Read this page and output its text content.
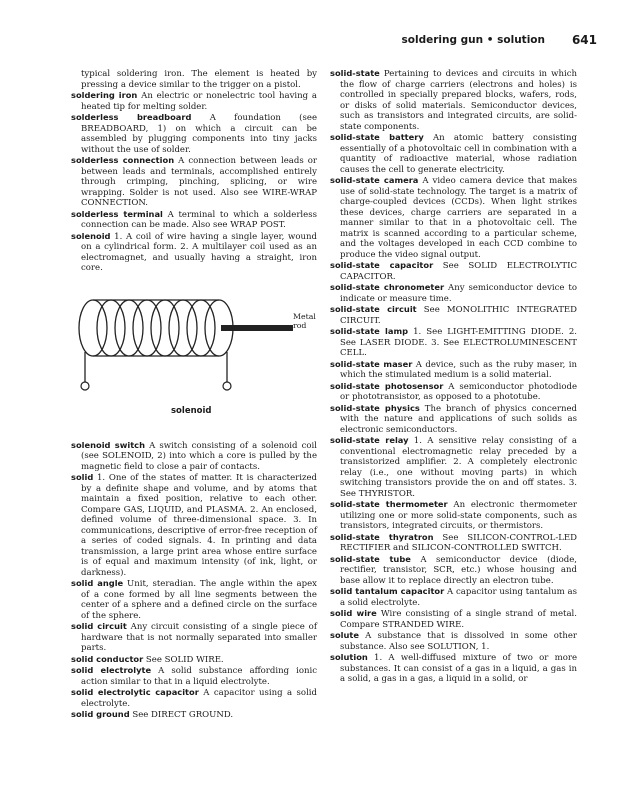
soldering gun • solution 641

typical soldering iron. The element is heated by pressing a device similar to the trigger on a pistol.

soldering iron An electric or nonelectric tool having a heated tip for melting solder.

solderless breadboard A foundation (see BREADBOARD, 1) on which a circuit can be assembled by plugging components into tiny jacks without the use of solder.

solderless connection A connection between leads or between leads and terminals, accomplished entirely through crimping, pinching, splicing, or wire wrapping. Solder is not used. Also see WIRE-WRAP CONNECTION.

solderless terminal A terminal to which a solderless connection can be made. Also see WRAP POST.

solenoid 1. A coil of wire having a single layer, wound on a cylindrical form. 2. A multilayer coil used as an electromagnet, and usually having a straight, iron core.

Metal rod
solenoid

solenoid switch A switch consisting of a solenoid coil (see SOLENOID, 2) into which a core is pulled by the magnetic field to close a pair of contacts.

solid 1. One of the states of matter. It is characterized by a definite shape and volume, and by atoms that maintain a fixed position, relative to each other. Compare GAS, LIQUID, and PLASMA. 2. An enclosed, defined volume of three-dimensional space. 3. In communications, descriptive of error-free reception of a series of coded signals. 4. In printing and data transmission, a large print area whose entire surface is of equal and maximum intensity (of ink, light, or darkness).

solid angle Unit, steradian. The angle within the apex of a cone formed by all line segments between the center of a sphere and a defined circle on the surface of the sphere.

solid circuit Any circuit consisting of a single piece of hardware that is not normally separated into smaller parts.

solid conductor See SOLID WIRE.

solid electrolyte A solid substance affording ionic action similar to that in a liquid electrolyte.

solid electrolytic capacitor A capacitor using a solid electrolyte.

solid ground See DIRECT GROUND.

solid-state Pertaining to devices and circuits in which the flow of charge carriers (electrons and holes) is controlled in specially prepared blocks, wafers, rods, or disks of solid materials. Semiconductor devices, such as transistors and integrated circuits, are solid-state components.

solid-state battery An atomic battery consisting essentially of a photovoltaic cell in combination with a quantity of radioactive material, whose radiation causes the cell to generate electricity.

solid-state camera A video camera device that makes use of solid-state technology. The target is a matrix of charge-coupled devices (CCDs). When light strikes these devices, charge carriers are separated in a manner similar to that in a photovoltaic cell. The matrix is scanned according to a particular scheme, and the voltages developed in each CCD combine to produce the video signal output.

solid-state capacitor See SOLID ELECTROLYTIC CAPACITOR.

solid-state chronometer Any semiconductor device to indicate or measure time.

solid-state circuit See MONOLITHIC INTEGRATED CIRCUIT.

solid-state lamp 1. See LIGHT-EMITTING DIODE. 2. See LASER DIODE. 3. See ELECTROLUMINESCENT CELL.

solid-state maser A device, such as the ruby maser, in which the stimulated medium is a solid material.

solid-state photosensor A semiconductor photodiode or phototransistor, as opposed to a phototube.

solid-state physics The branch of physics concerned with the nature and applications of such solids as electronic semiconductors.

solid-state relay 1. A sensitive relay consisting of a conventional electromagnetic relay preceded by a transistorized amplifier. 2. A completely electronic relay (i.e., one without moving parts) in which switching transistors provide the on and off states. 3. See THYRISTOR.

solid-state thermometer An electronic thermometer utilizing one or more solid-state components, such as transistors, integrated circuits, or thermistors.

solid-state thyratron See SILICON-CONTROL-LED RECTIFIER and SILICON-CONTROLLED SWITCH.

solid-state tube A semiconductor device (diode, rectifier, transistor, SCR, etc.) whose housing and base allow it to replace directly an electron tube.

solid tantalum capacitor A capacitor using tantalum as a solid electrolyte.

solid wire Wire consisting of a single strand of metal. Compare STRANDED WIRE.

solute A substance that is dissolved in some other substance. Also see SOLUTION, 1.

solution 1. A well-diffused mixture of two or more substances. It can consist of a gas in a liquid, a gas in a solid, a gas in a gas, a liquid in a solid, or
